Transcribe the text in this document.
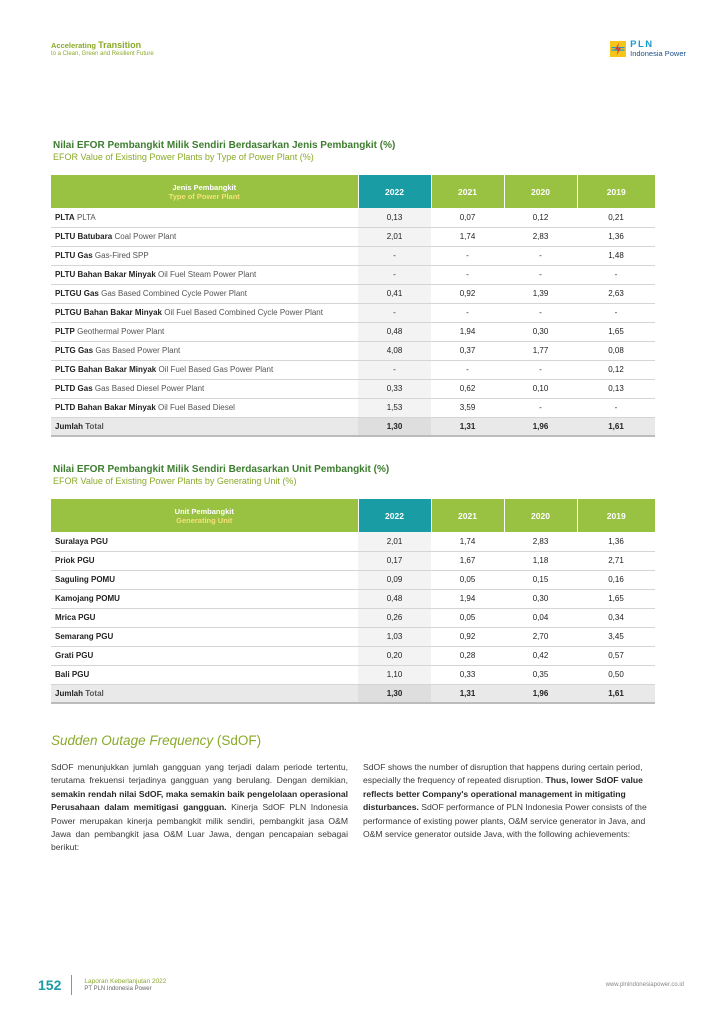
Accelerating Transition
to a Clean, Green and Resilient Future
PLN
Indonesia Power
Nilai EFOR Pembangkit Milik Sendiri Berdasarkan Jenis Pembangkit (%)
EFOR Value of Existing Power Plants by Type of Power Plant (%)
Jenis Pembangkit
Type of Power Plant	2022	2021	2020	2019
PLTA PLTA	0,13	0,07	0,12	0,21
PLTU Batubara Coal Power Plant	2,01	1,74	2,83	1,36
PLTU Gas Gas-Fired SPP	-	-	-	1,48
PLTU Bahan Bakar Minyak Oil Fuel Steam Power Plant	-	-	-	-
PLTGU Gas Gas Based Combined Cycle Power Plant	0,41	0,92	1,39	2,63
PLTGU Bahan Bakar Minyak Oil Fuel Based Combined Cycle Power Plant	-	-	-	-
PLTP Geothermal Power Plant	0,48	1,94	0,30	1,65
PLTG Gas Gas Based Power Plant	4,08	0,37	1,77	0,08
PLTG Bahan Bakar Minyak Oil Fuel Based Gas Power Plant	-	-	-	0,12
PLTD Gas Gas Based Diesel Power Plant	0,33	0,62	0,10	0,13
PLTD Bahan Bakar Minyak Oil Fuel Based Diesel	1,53	3,59	-	-
Jumlah Total	1,30	1,31	1,96	1,61
Nilai EFOR Pembangkit Milik Sendiri Berdasarkan Unit Pembangkit (%)
EFOR Value of Existing Power Plants by Generating Unit (%)
Unit Pembangkit
Generating Unit	2022	2021	2020	2019
Suralaya PGU	2,01	1,74	2,83	1,36
Priok PGU	0,17	1,67	1,18	2,71
Saguling POMU	0,09	0,05	0,15	0,16
Kamojang POMU	0,48	1,94	0,30	1,65
Mrica PGU	0,26	0,05	0,04	0,34
Semarang PGU	1,03	0,92	2,70	3,45
Grati PGU	0,20	0,28	0,42	0,57
Bali PGU	1,10	0,33	0,35	0,50
Jumlah Total	1,30	1,31	1,96	1,61
Sudden Outage Frequency (SdOF)

SdOF menunjukkan jumlah gangguan yang terjadi dalam periode tertentu, terutama frekuensi terjadinya gangguan yang berulang. Dengan demikian, semakin rendah nilai SdOF, maka semakin baik pengelolaan operasional Perusahaan dalam memitigasi gangguan. Kinerja SdOF PLN Indonesia Power merupakan kinerja pembangkit milik sendiri, pembangkit jasa O&M Jawa dan pembangkit jasa O&M Luar Jawa, dengan pencapaian sebagai berikut:

SdOF shows the number of disruption that happens during certain period, especially the frequency of repeated disruption. Thus, lower SdOF value reflects better Company's operational management in mitigating disturbances. SdOF performance of PLN Indonesia Power consists of the performance of existing power plants, O&M service generator in Java, and O&M service generator outside Java, with the following achievements:

152	Laporan Keberlanjutan 2022
PT PLN Indonesia Power
www.plnindonesiapower.co.id
